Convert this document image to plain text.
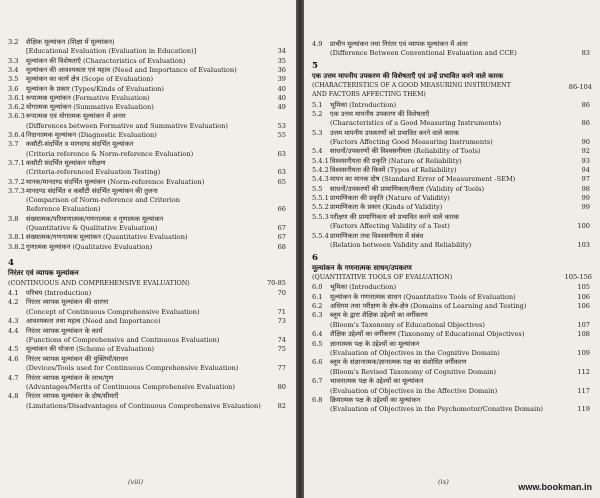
(viii)
3.2 शैक्षिक मूल्यांकन (शिक्षा में मूल्यांकन)
[Educational Evaluation (Evaluation in Education)]	34
3.3 मूल्यांकन की विशेषताएँ (Characteristics of Evaluation)	35
3.4 मूल्यांकन की आवश्यकता एवं महत्व (Need and Importance of Evaluation)	36
3.5 मूल्यांकन का कार्य क्षेत्र (Scope of Evaluation)	39
3.6 मूल्यांकन के प्रकार (Types/Kinds of Evaluation)	40
3.6.1 रूपात्मक मूल्यांकन (Formative Evaluation)	40
3.6.2 योगात्मक मूल्यांकन (Summative Evaluation)	49
3.6.3 रूपात्मक एवं योगात्मक मूल्यांकन में अन्तर
(Differences between Formative and Summative Evaluation)	53
3.6.4 निदानात्मक मूल्यांकन (Diagnostic Evaluation)	55
3.7 कसौटी-संदर्भित व मानदण्ड संदर्भित मूल्यांकन
(Criteria reference & Norm-reference Evaluation)	63
3.7.1 कसौटी संदर्भित मूल्यांकन परीक्षण
(Criteria-referenced Evaluation Testing)	63
3.7.2 मानक/मानदण्ड संदर्भित मूल्यांकन (Norm-reference Evaluation)	65
3.7.3 मानदण्ड संदर्भित व कसौटी संदर्भित मूल्यांकन की तुलना
(Comparison of Norm-reference and Criterion
Reference Evaluation)	66
3.8 संख्यात्मक/परिमाणात्मक/गणनात्मक व गुणात्मक मूल्यांकन
(Quantitative & Qualitative Evaluation)	67
3.8.1 संख्यात्मक/गणनात्मक मूल्यांकन (Quantitative Evaluation)	67
3.8.2 गुणात्मक मूल्यांकन (Qualitative Evaluation)	68
4
निरंतर एवं व्यापक मूल्यांकन
(CONTINUOUS AND COMPREHENSIVE EVALUATION)	70-85
4.1 परिचय (Introduction)	70
4.2 निरंतर व्यापक मूल्यांकन की धारणा
(Concept of Continuous Comprehensive Evaluation)	71
4.3 आवश्यकता तथा महत्व (Need and Importance)	73
4.4 निरंतर व्यापक मूल्यांकन के कार्य
(Functions of Comprehensive and Continuous Evaluation)	74
4.5 मूल्यांकन की योजना (Scheme of Evaluation)	75
4.6 निरंतर व्यापक मूल्यांकन की युक्तियाँ/साधन
(Devices/Tools used for Continuous Comprehensive Evaluation)	77
4.7 निरंतर व्यापक मूल्यांकन के लाभ/गुण
(Advantages/Merits of Continuous Comprehensive Evaluation)	80
4.8 निरंतर व्यापक मूल्यांकन के दोष/सीमाएँ
(Limitations/Disadvantages of Continuous Comprehensive Evaluation)	82
(ix)	www.bookman.in
4.9 प्राचीन मूल्यांकन तथा निरंतर एवं व्यापक मूल्यांकन में अंतर
(Difference Between Conventional Evaluation and CCE)	83
5
एक उत्तम मापनीय उपकरण की विशेषताएँ एवं उन्हें प्रभावित करने वाले कारक
(CHARACTERISTICS OF A GOOD MEASURING INSTRUMENT
AND FACTORS AFFECTING THEM)
86-104
5.1 भूमिका (Introduction)	86
5.2 एक उत्तम मापनीय उपकरण की विशेषताएँ
(Characteristics of a Good Measuring Instruments)	86
5.3 उत्तम मापनीय उपकरणों को प्रभावित करने वाले कारक
(Factors Affecting Good Measuring Instruments)	90
5.4 साधनों/उपकरणों की विश्वसनीयता (Reliability of Tools)	92
5.4.1 विश्वसनीयता की प्रकृति (Nature of Reliability)	93
5.4.2 विश्वसनीयता की किस्में (Types of Reliability)	94
5.4.3 मापन का मानक दोष (Standard Error of Measurement -SEM)	97
5.5 साधनों/उपकरणों की प्रामाणिकता/वैधता (Validity of Tools)	98
5.5.1 प्रामाणिकता की प्रकृति (Nature of Validity)	99
5.5.2 प्रामाणिकता के प्रकार (Kinds of Validity)	99
5.5.3 परीक्षण की प्रामाणिकता को प्रभावित करने वाले कारक
(Factors Affecting Validity of a Test)	100
5.5.4 प्रामाणिकता तथा विश्वसनीयता में संबंध
(Relation between Validity and Reliability)	103
6
मूल्यांकन के गणनात्मक साधन/उपकरण
(QUANTITATIVE TOOLS OF EVALUATION)	105-156
6.0 भूमिका (Introduction)	105
6.1 मूल्यांकन के गणनात्मक साधन (Quantitative Tools of Evaluation)	106
6.2 अधिगम तथा परीक्षण के क्षेत्र-क्षेत्र (Domains of Learning and Testing)	106
6.3 ब्लूम के द्वारा शैक्षिक उद्देश्यों का वर्गीकरण
(Bloom's Taxonomy of Educational Objectives)	107
6.4 शैक्षिक उद्देश्यों का वर्गीकरण (Taxonomy of Educational Objectives)	108
6.5 ज्ञानात्मक पक्ष के उद्देश्यों का मूल्यांकन
(Evaluation of Objectives in the Cognitive Domain)	109
6.6 ब्लूम के संज्ञानात्मक/ज्ञानात्मक पक्ष का संशोधित वर्गीकरण
(Bloom's Revised Taxonomy of Cognitive Domain)	112
6.7 भावनात्मक पक्ष के उद्देश्यों का मूल्यांकन
(Evaluation of Objectives in the Affective Domain)	117
6.8 क्रियात्मक पक्ष के उद्देश्यों का मूल्यांकन
(Evaluation of Objectives in the Psychomotor/Conative Domain)	119
